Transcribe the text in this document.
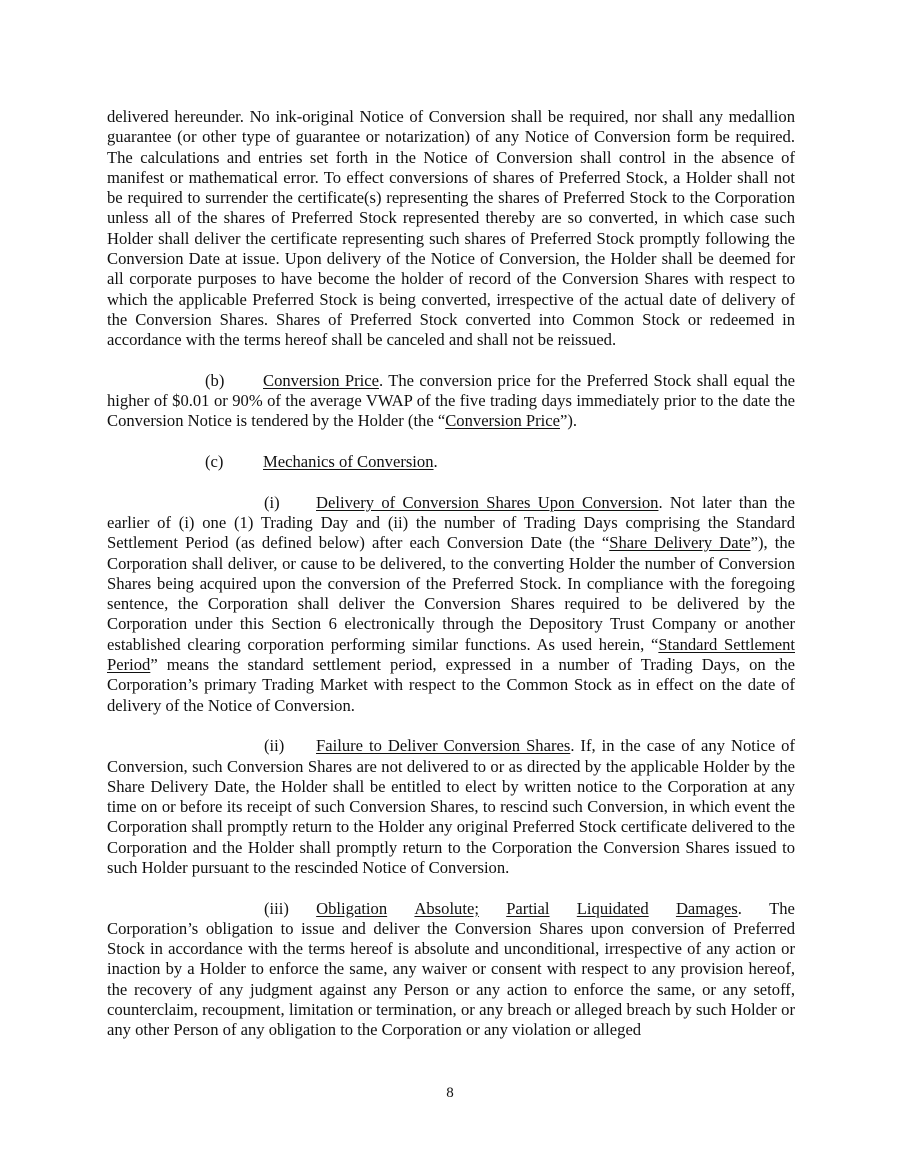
delivered hereunder. No ink-original Notice of Conversion shall be required, nor shall any medallion guarantee (or other type of guarantee or notarization) of any Notice of Conversion form be required. The calculations and entries set forth in the Notice of Conversion shall control in the absence of manifest or mathematical error. To effect conversions of shares of Preferred Stock, a Holder shall not be required to surrender the certificate(s) representing the shares of Preferred Stock to the Corporation unless all of the shares of Preferred Stock represented thereby are so converted, in which case such Holder shall deliver the certificate representing such shares of Preferred Stock promptly following the Conversion Date at issue. Upon delivery of the Notice of Conversion, the Holder shall be deemed for all corporate purposes to have become the holder of record of the Conversion Shares with respect to which the applicable Preferred Stock is being converted, irrespective of the actual date of delivery of the Conversion Shares. Shares of Preferred Stock converted into Common Stock or redeemed in accordance with the terms hereof shall be canceled and shall not be reissued.

(b) Conversion Price. The conversion price for the Preferred Stock shall equal the higher of $0.01 or 90% of the average VWAP of the five trading days immediately prior to the date the Conversion Notice is tendered by the Holder (the “Conversion Price”).

(c) Mechanics of Conversion.

(i) Delivery of Conversion Shares Upon Conversion. Not later than the earlier of (i) one (1) Trading Day and (ii) the number of Trading Days comprising the Standard Settlement Period (as defined below) after each Conversion Date (the “Share Delivery Date”), the Corporation shall deliver, or cause to be delivered, to the converting Holder the number of Conversion Shares being acquired upon the conversion of the Preferred Stock. In compliance with the foregoing sentence, the Corporation shall deliver the Conversion Shares required to be delivered by the Corporation under this Section 6 electronically through the Depository Trust Company or another established clearing corporation performing similar functions. As used herein, “Standard Settlement Period” means the standard settlement period, expressed in a number of Trading Days, on the Corporation’s primary Trading Market with respect to the Common Stock as in effect on the date of delivery of the Notice of Conversion.

(ii) Failure to Deliver Conversion Shares. If, in the case of any Notice of Conversion, such Conversion Shares are not delivered to or as directed by the applicable Holder by the Share Delivery Date, the Holder shall be entitled to elect by written notice to the Corporation at any time on or before its receipt of such Conversion Shares, to rescind such Conversion, in which event the Corporation shall promptly return to the Holder any original Preferred Stock certificate delivered to the Corporation and the Holder shall promptly return to the Corporation the Conversion Shares issued to such Holder pursuant to the rescinded Notice of Conversion.

(iii) Obligation Absolute; Partial Liquidated Damages. The

Corporation’s obligation to issue and deliver the Conversion Shares upon conversion of Preferred Stock in accordance with the terms hereof is absolute and unconditional, irrespective of any action or inaction by a Holder to enforce the same, any waiver or consent with respect to any provision hereof, the recovery of any judgment against any Person or any action to enforce the same, or any setoff, counterclaim, recoupment, limitation or termination, or any breach or alleged breach by such Holder or any other Person of any obligation to the Corporation or any violation or alleged

8
